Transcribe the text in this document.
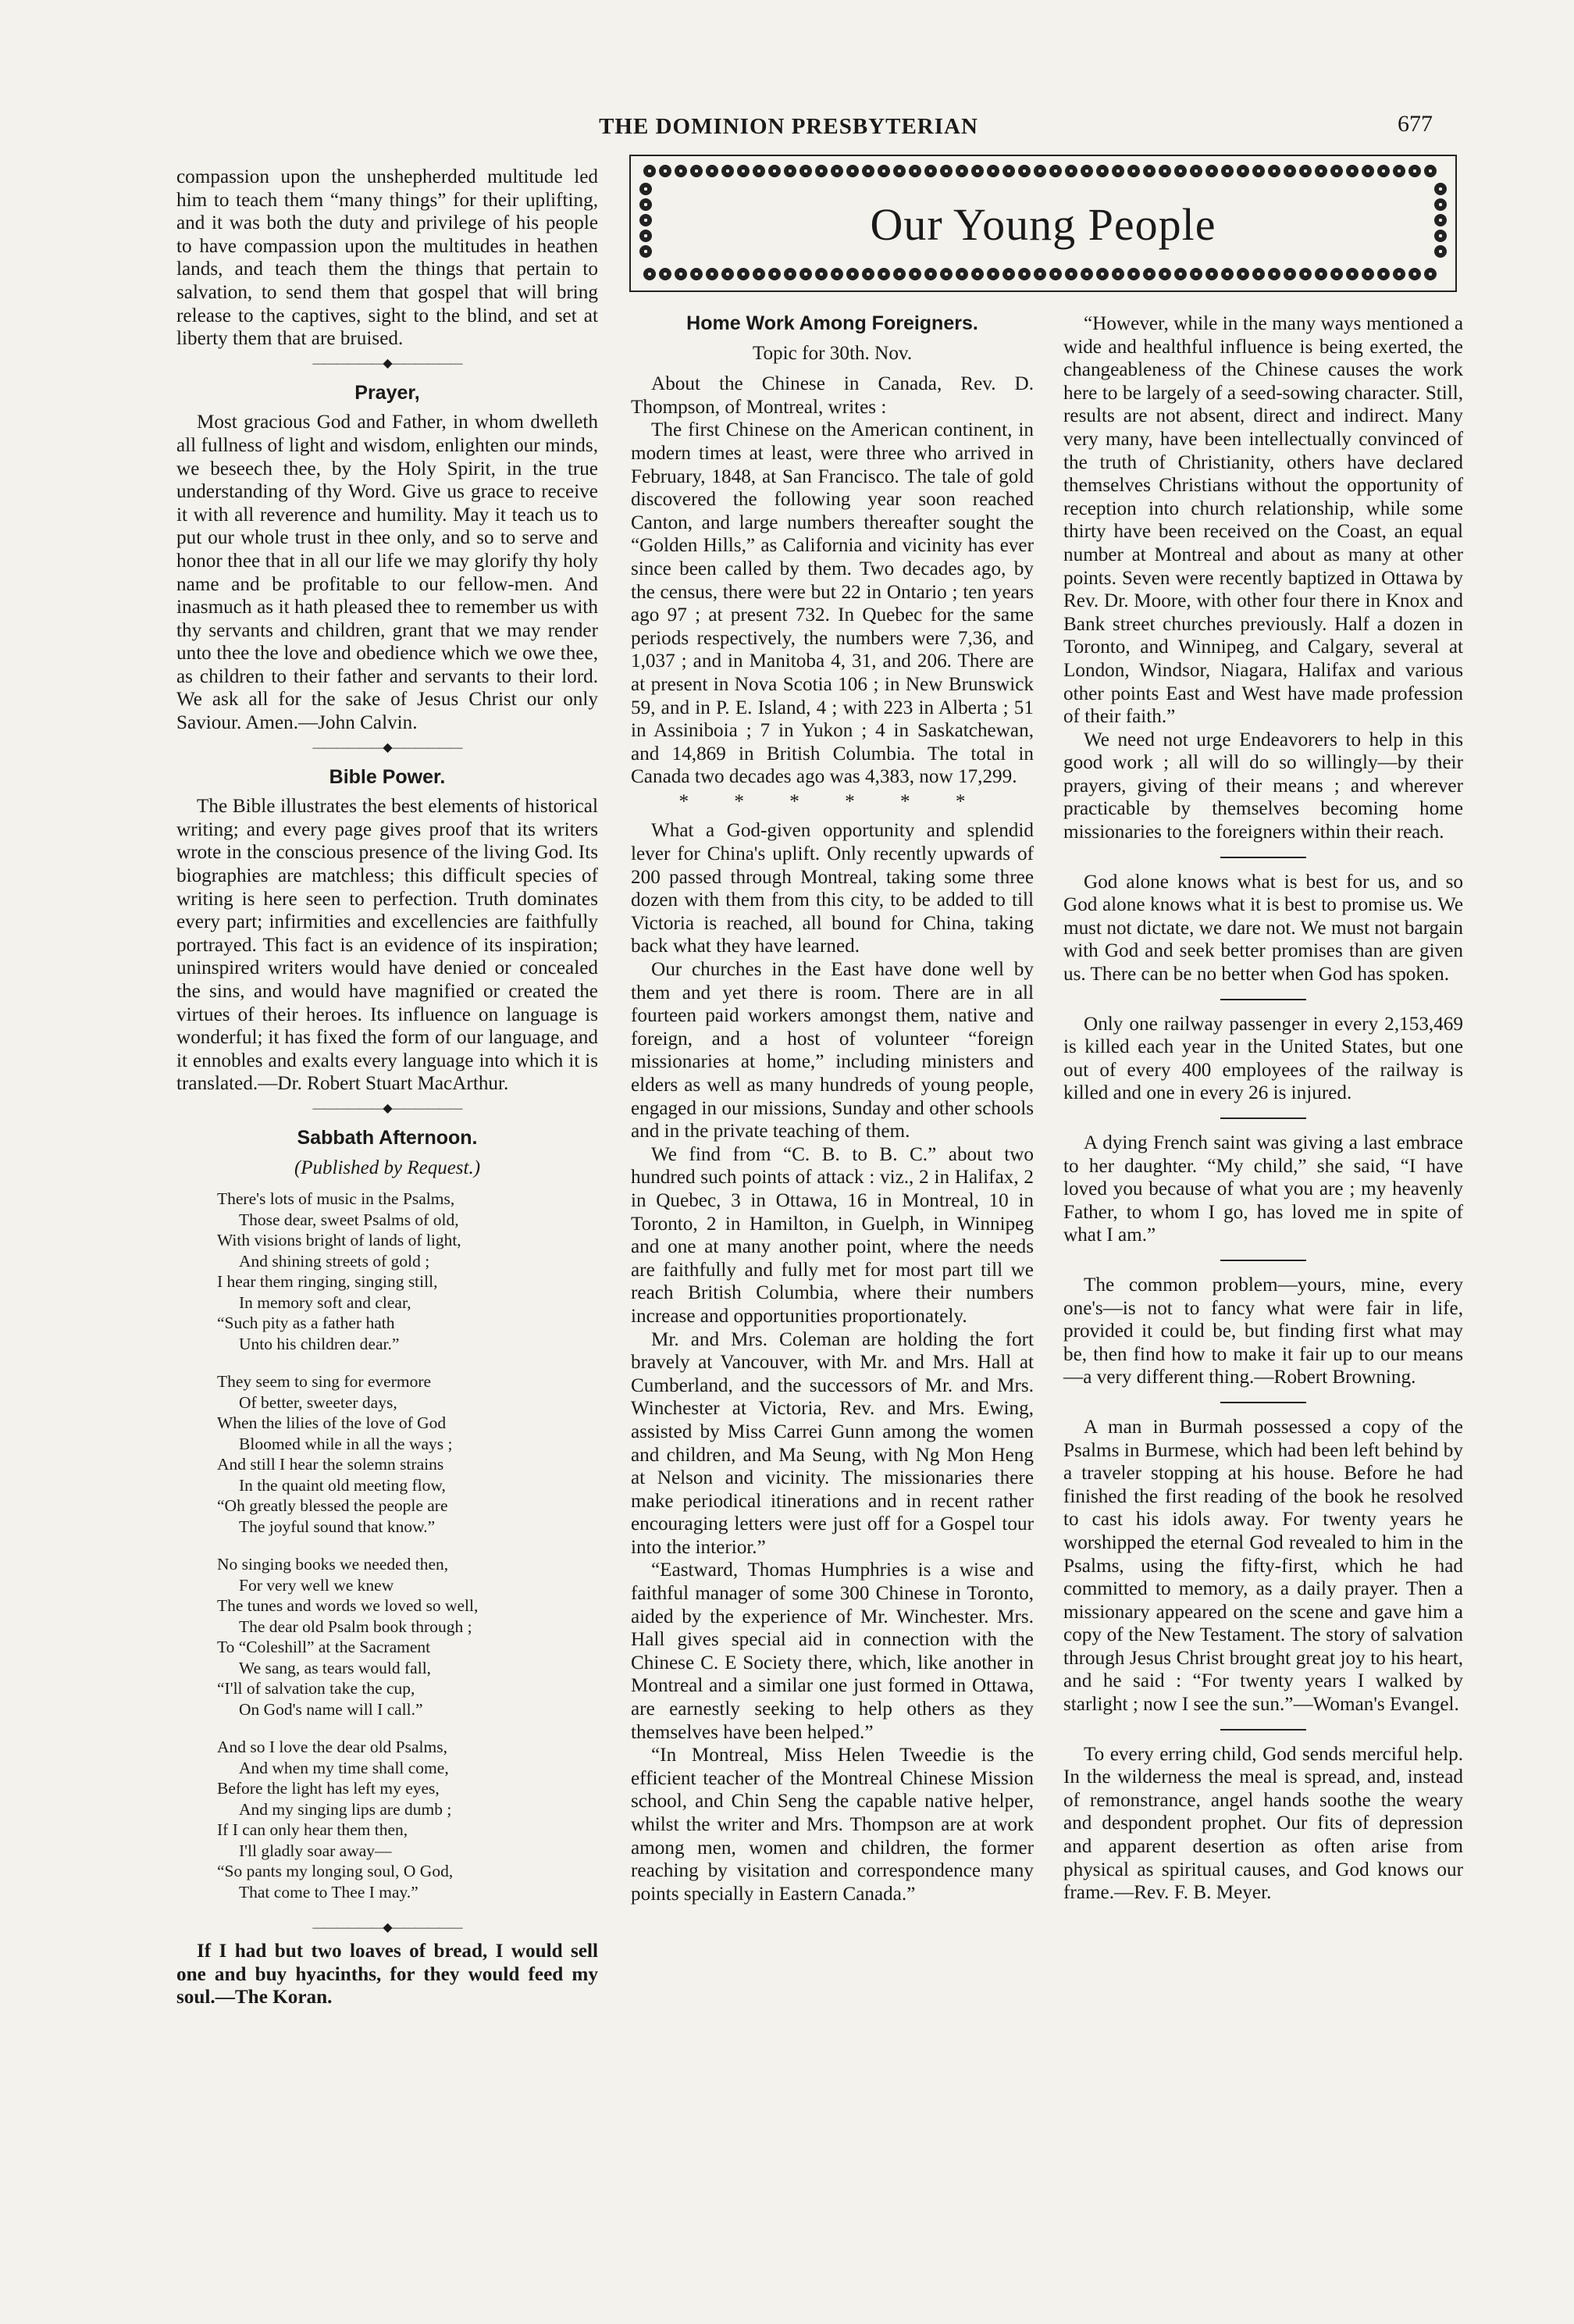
THE DOMINION PRESBYTERIAN	677

compassion upon the unshepherded multitude led him to teach them “many things” for their uplifting, and it was both the duty and privilege of his people to have compassion upon the multitudes in heathen lands, and teach them the things that pertain to salvation, to send them that gospel that will bring release to the captives, sight to the blind, and set at liberty them that are bruised.

——————◆——————
Prayer,

Most gracious God and Father, in whom dwelleth all fullness of light and wisdom, enlighten our minds, we beseech thee, by the Holy Spirit, in the true understanding of thy Word. Give us grace to receive it with all reverence and humility. May it teach us to put our whole trust in thee only, and so to serve and honor thee that in all our life we may glorify thy holy name and be profitable to our fellow-men. And inasmuch as it hath pleased thee to remember us with thy servants and children, grant that we may render unto thee the love and obedience which we owe thee, as children to their father and servants to their lord. We ask all for the sake of Jesus Christ our only Saviour. Amen.—John Calvin.

——————◆——————
Bible Power.

The Bible illustrates the best elements of historical writing; and every page gives proof that its writers wrote in the conscious presence of the living God. Its biographies are matchless; this difficult species of writing is here seen to perfection. Truth dominates every part; infirmities and excellencies are faithfully portrayed. This fact is an evidence of its inspiration; uninspired writers would have denied or concealed the sins, and would have magnified or created the virtues of their heroes. Its influence on language is wonderful; it has fixed the form of our language, and it ennobles and exalts every language into which it is translated.—Dr. Robert Stuart MacArthur.

——————◆——————
Sabbath Afternoon.
(Published by Request.)
There's lots of music in the Psalms,
Those dear, sweet Psalms of old,
With visions bright of lands of light,
And shining streets of gold ;
I hear them ringing, singing still,
In memory soft and clear,
“Such pity as a father hath
Unto his children dear.”
They seem to sing for evermore
Of better, sweeter days,
When the lilies of the love of God
Bloomed while in all the ways ;
And still I hear the solemn strains
In the quaint old meeting flow,
“Oh greatly blessed the people are
The joyful sound that know.”
No singing books we needed then,
For very well we knew
The tunes and words we loved so well,
The dear old Psalm book through ;
To “Coleshill” at the Sacrament
We sang, as tears would fall,
“I'll of salvation take the cup,
On God's name will I call.”
And so I love the dear old Psalms,
And when my time shall come,
Before the light has left my eyes,
And my singing lips are dumb ;
If I can only hear them then,
I'll gladly soar away—
“So pants my longing soul, O God,
That come to Thee I may.”
——————◆——————

If I had but two loaves of bread, I would sell one and buy hyacinths, for they would feed my soul.—The Koran.

Our Young People
Home Work Among Foreigners.
Topic for 30th. Nov.

About the Chinese in Canada, Rev. D. Thompson, of Montreal, writes :

The first Chinese on the American continent, in modern times at least, were three who arrived in February, 1848, at San Francisco. The tale of gold discovered the following year soon reached Canton, and large numbers thereafter sought the “Golden Hills,” as California and vicinity has ever since been called by them. Two decades ago, by the census, there were but 22 in Ontario ; ten years ago 97 ; at present 732. In Quebec for the same periods respectively, the numbers were 7,36, and 1,037 ; and in Manitoba 4, 31, and 206. There are at present in Nova Scotia 106 ; in New Brunswick 59, and in P. E. Island, 4 ; with 223 in Alberta ; 51 in Assiniboia ; 7 in Yukon ; 4 in Saskatchewan, and 14,869 in British Columbia. The total in Canada two decades ago was 4,383, now 17,299.

* * * * * *

What a God-given opportunity and splendid lever for China's uplift. Only recently upwards of 200 passed through Montreal, taking some three dozen with them from this city, to be added to till Victoria is reached, all bound for China, taking back what they have learned.

Our churches in the East have done well by them and yet there is room. There are in all fourteen paid workers amongst them, native and foreign, and a host of volunteer “foreign missionaries at home,” including ministers and elders as well as many hundreds of young people, engaged in our missions, Sunday and other schools and in the private teaching of them.

We find from “C. B. to B. C.” about two hundred such points of attack : viz., 2 in Halifax, 2 in Quebec, 3 in Ottawa, 16 in Montreal, 10 in Toronto, 2 in Hamilton, in Guelph, in Winnipeg and one at many another point, where the needs are faithfully and fully met for most part till we reach British Columbia, where their numbers increase and opportunities proportionately.

Mr. and Mrs. Coleman are holding the fort bravely at Vancouver, with Mr. and Mrs. Hall at Cumberland, and the successors of Mr. and Mrs. Winchester at Victoria, Rev. and Mrs. Ewing, assisted by Miss Carrei Gunn among the women and children, and Ma Seung, with Ng Mon Heng at Nelson and vicinity. The missionaries there make periodical itinerations and in recent rather encouraging letters were just off for a Gospel tour into the interior.”

“Eastward, Thomas Humphries is a wise and faithful manager of some 300 Chinese in Toronto, aided by the experience of Mr. Winchester. Mrs. Hall gives special aid in connection with the Chinese C. E Society there, which, like another in Montreal and a similar one just formed in Ottawa, are earnestly seeking to help others as they themselves have been helped.”

“In Montreal, Miss Helen Tweedie is the efficient teacher of the Montreal Chinese Mission school, and Chin Seng the capable native helper, whilst the writer and Mrs. Thompson are at work among men, women and children, the former reaching by visitation and correspondence many points specially in Eastern Canada.”

“However, while in the many ways mentioned a wide and healthful influence is being exerted, the changeableness of the Chinese causes the work here to be largely of a seed-sowing character. Still, results are not absent, direct and indirect. Many very many, have been intellectually convinced of the truth of Christianity, others have declared themselves Christians without the opportunity of reception into church relationship, while some thirty have been received on the Coast, an equal number at Montreal and about as many at other points. Seven were recently baptized in Ottawa by Rev. Dr. Moore, with other four there in Knox and Bank street churches previously. Half a dozen in Toronto, and Winnipeg, and Calgary, several at London, Windsor, Niagara, Halifax and various other points East and West have made profession of their faith.”

We need not urge Endeavorers to help in this good work ; all will do so willingly—by their prayers, giving of their means ; and wherever practicable by themselves becoming home missionaries to the foreigners within their reach.

God alone knows what is best for us, and so God alone knows what it is best to promise us. We must not dictate, we dare not. We must not bargain with God and seek better promises than are given us. There can be no better when God has spoken.

Only one railway passenger in every 2,153,469 is killed each year in the United States, but one out of every 400 employees of the railway is killed and one in every 26 is injured.

A dying French saint was giving a last embrace to her daughter. “My child,” she said, “I have loved you because of what you are ; my heavenly Father, to whom I go, has loved me in spite of what I am.”

The common problem—yours, mine, every one's—is not to fancy what were fair in life, provided it could be, but finding first what may be, then find how to make it fair up to our means—a very different thing.—Robert Browning.

A man in Burmah possessed a copy of the Psalms in Burmese, which had been left behind by a traveler stopping at his house. Before he had finished the first reading of the book he resolved to cast his idols away. For twenty years he worshipped the eternal God revealed to him in the Psalms, using the fifty-first, which he had committed to memory, as a daily prayer. Then a missionary appeared on the scene and gave him a copy of the New Testament. The story of salvation through Jesus Christ brought great joy to his heart, and he said : “For twenty years I walked by starlight ; now I see the sun.”—Woman's Evangel.

To every erring child, God sends merciful help. In the wilderness the meal is spread, and, instead of remonstrance, angel hands soothe the weary and despondent prophet. Our fits of depression and apparent desertion as often arise from physical as spiritual causes, and God knows our frame.—Rev. F. B. Meyer.
